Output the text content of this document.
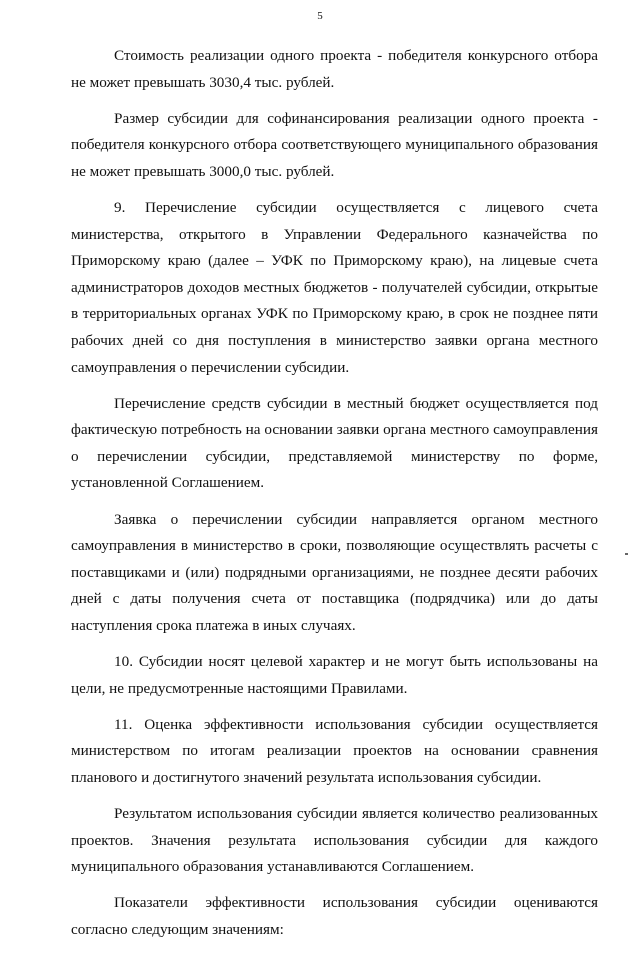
5

Стоимость реализации одного проекта - победителя конкурсного отбора не может превышать 3030,4 тыс. рублей.

Размер субсидии для софинансирования реализации одного проекта - победителя конкурсного отбора соответствующего муниципального образования не может превышать 3000,0 тыс. рублей.

9. Перечисление субсидии осуществляется с лицевого счета министерства, открытого в Управлении Федерального казначейства по Приморскому краю (далее – УФК по Приморскому краю), на лицевые счета администраторов доходов местных бюджетов - получателей субсидии, открытые в территориальных органах УФК по Приморскому краю, в срок не позднее пяти рабочих дней со дня поступления в министерство заявки органа местного самоуправления о перечислении субсидии.

Перечисление средств субсидии в местный бюджет осуществляется под фактическую потребность на основании заявки органа местного самоуправления о перечислении субсидии, представляемой министерству по форме, установленной Соглашением.

Заявка о перечислении субсидии направляется органом местного самоуправления в министерство в сроки, позволяющие осуществлять расчеты с поставщиками и (или) подрядными организациями, не позднее десяти рабочих дней с даты получения счета от поставщика (подрядчика) или до даты наступления срока платежа в иных случаях.

10. Субсидии носят целевой характер и не могут быть использованы на цели, не предусмотренные настоящими Правилами.

11. Оценка эффективности использования субсидии осуществляется министерством по итогам реализации проектов на основании сравнения планового и достигнутого значений результата использования субсидии.

Результатом использования субсидии является количество реализованных проектов. Значения результата использования субсидии для каждого муниципального образования устанавливаются Соглашением.

Показатели эффективности использования субсидии оцениваются согласно следующим значениям:
